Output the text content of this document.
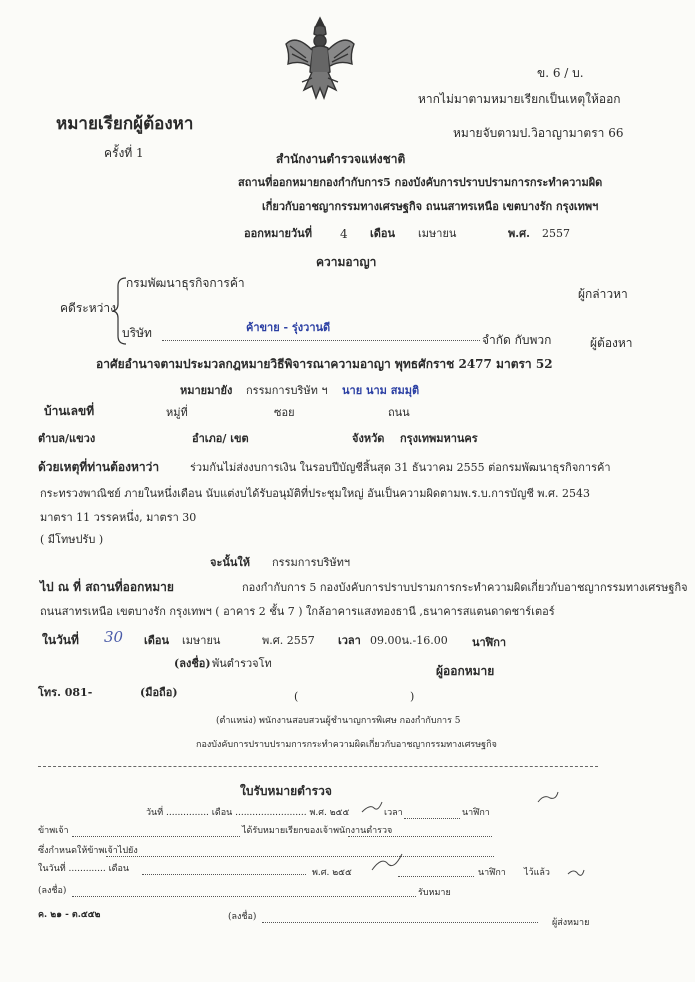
ข. 6 / บ.
หากไม่มาตามหมายเรียกเป็นเหตุให้ออก
หมายจับตามป.วิอาญามาตรา 66
หมายเรียกผู้ต้องหา
ครั้งที่ 1	สำนักงานตำรวจแห่งชาติ
สถานที่ออกหมายกองกำกับการ5 กองบังคับการปราบปรามการกระทำความผิด
เกี่ยวกับอาชญากรรมทางเศรษฐกิจ ถนนสาทรเหนือ เขตบางรัก กรุงเทพฯ
ออกหมายวันที่ 4 เดือน เมษายน	พ.ศ. 2557
ความอาญา
คดีระหว่าง
กรมพัฒนาธุรกิจการค้า
ผู้กล่าวหา
บริษัท	ค้าขาย - รุ่งวานดี
จำกัด กับพวก	ผู้ต้องหา
อาศัยอำนาจตามประมวลกฎหมายวิธีพิจารณาความอาญา พุทธศักราช 2477 มาตรา 52
หมายมายัง กรรมการบริษัท ฯ นาย นาม สมมุติ
บ้านเลขที่	หมู่ที่	ซอย	ถนน
ตำบล/แขวง	อำเภอ/ เขต	จังหวัด กรุงเทพมหานคร
ด้วยเหตุที่ท่านต้องหาว่า	ร่วมกันไม่ส่งงบการเงิน ในรอบปีบัญชีสิ้นสุด 31 ธันวาคม 2555 ต่อกรมพัฒนาธุรกิจการค้า
กระทรวงพาณิชย์ ภายในหนึ่งเดือน นับแต่งบได้รับอนุมัติที่ประชุมใหญ่ อันเป็นความผิดตามพ.ร.บ.การบัญชี พ.ศ. 2543
มาตรา 11 วรรคหนึ่ง, มาตรา 30
( มีโทษปรับ )
จะนั้นให้ กรรมการบริษัทฯ
ไป ณ ที่ สถานที่ออกหมาย	กองกำกับการ 5 กองบังคับการปราบปรามการกระทำความผิดเกี่ยวกับอาชญากรรมทางเศรษฐกิจ
ถนนสาทรเหนือ เขตบางรัก กรุงเทพฯ ( อาคาร 2 ชั้น 7 ) ใกล้อาคารแสงทองธานี ,ธนาคารสแตนดาดชาร์เตอร์
ในวันที่ 30 เดือน เมษายน	พ.ศ. 2557 เวลา 09.00น.-16.00 นาฬิกา
(ลงชื่อ) พันตำรวจโท
ผู้ออกหมาย
โทร. 081-	(มือถือ)	(	)
(ตำแหน่ง) พนักงานสอบสวนผู้ชำนาญการพิเศษ กองกำกับการ 5
กองบังคับการปราบปรามการกระทำความผิดเกี่ยวกับอาชญากรรมทางเศรษฐกิจ
ใบรับหมายตำรวจ
วันที่ ............... เดือน ......................... พ.ศ. ๒๕๕	เวลา	นาฬิกา
ข้าพเจ้า	ได้รับหมายเรียกของเจ้าพนักงานตำรวจ
ซึ่งกำหนดให้ข้าพเจ้าไปยัง
ในวันที่ ............. เดือน	พ.ศ. ๒๕๕	นาฬิกา ไว้แล้ว
(ลงชื่อ)	รับหมาย
ค. ๒๑ - ต.๕๕๒	(ลงชื่อ)
ผู้ส่งหมาย
